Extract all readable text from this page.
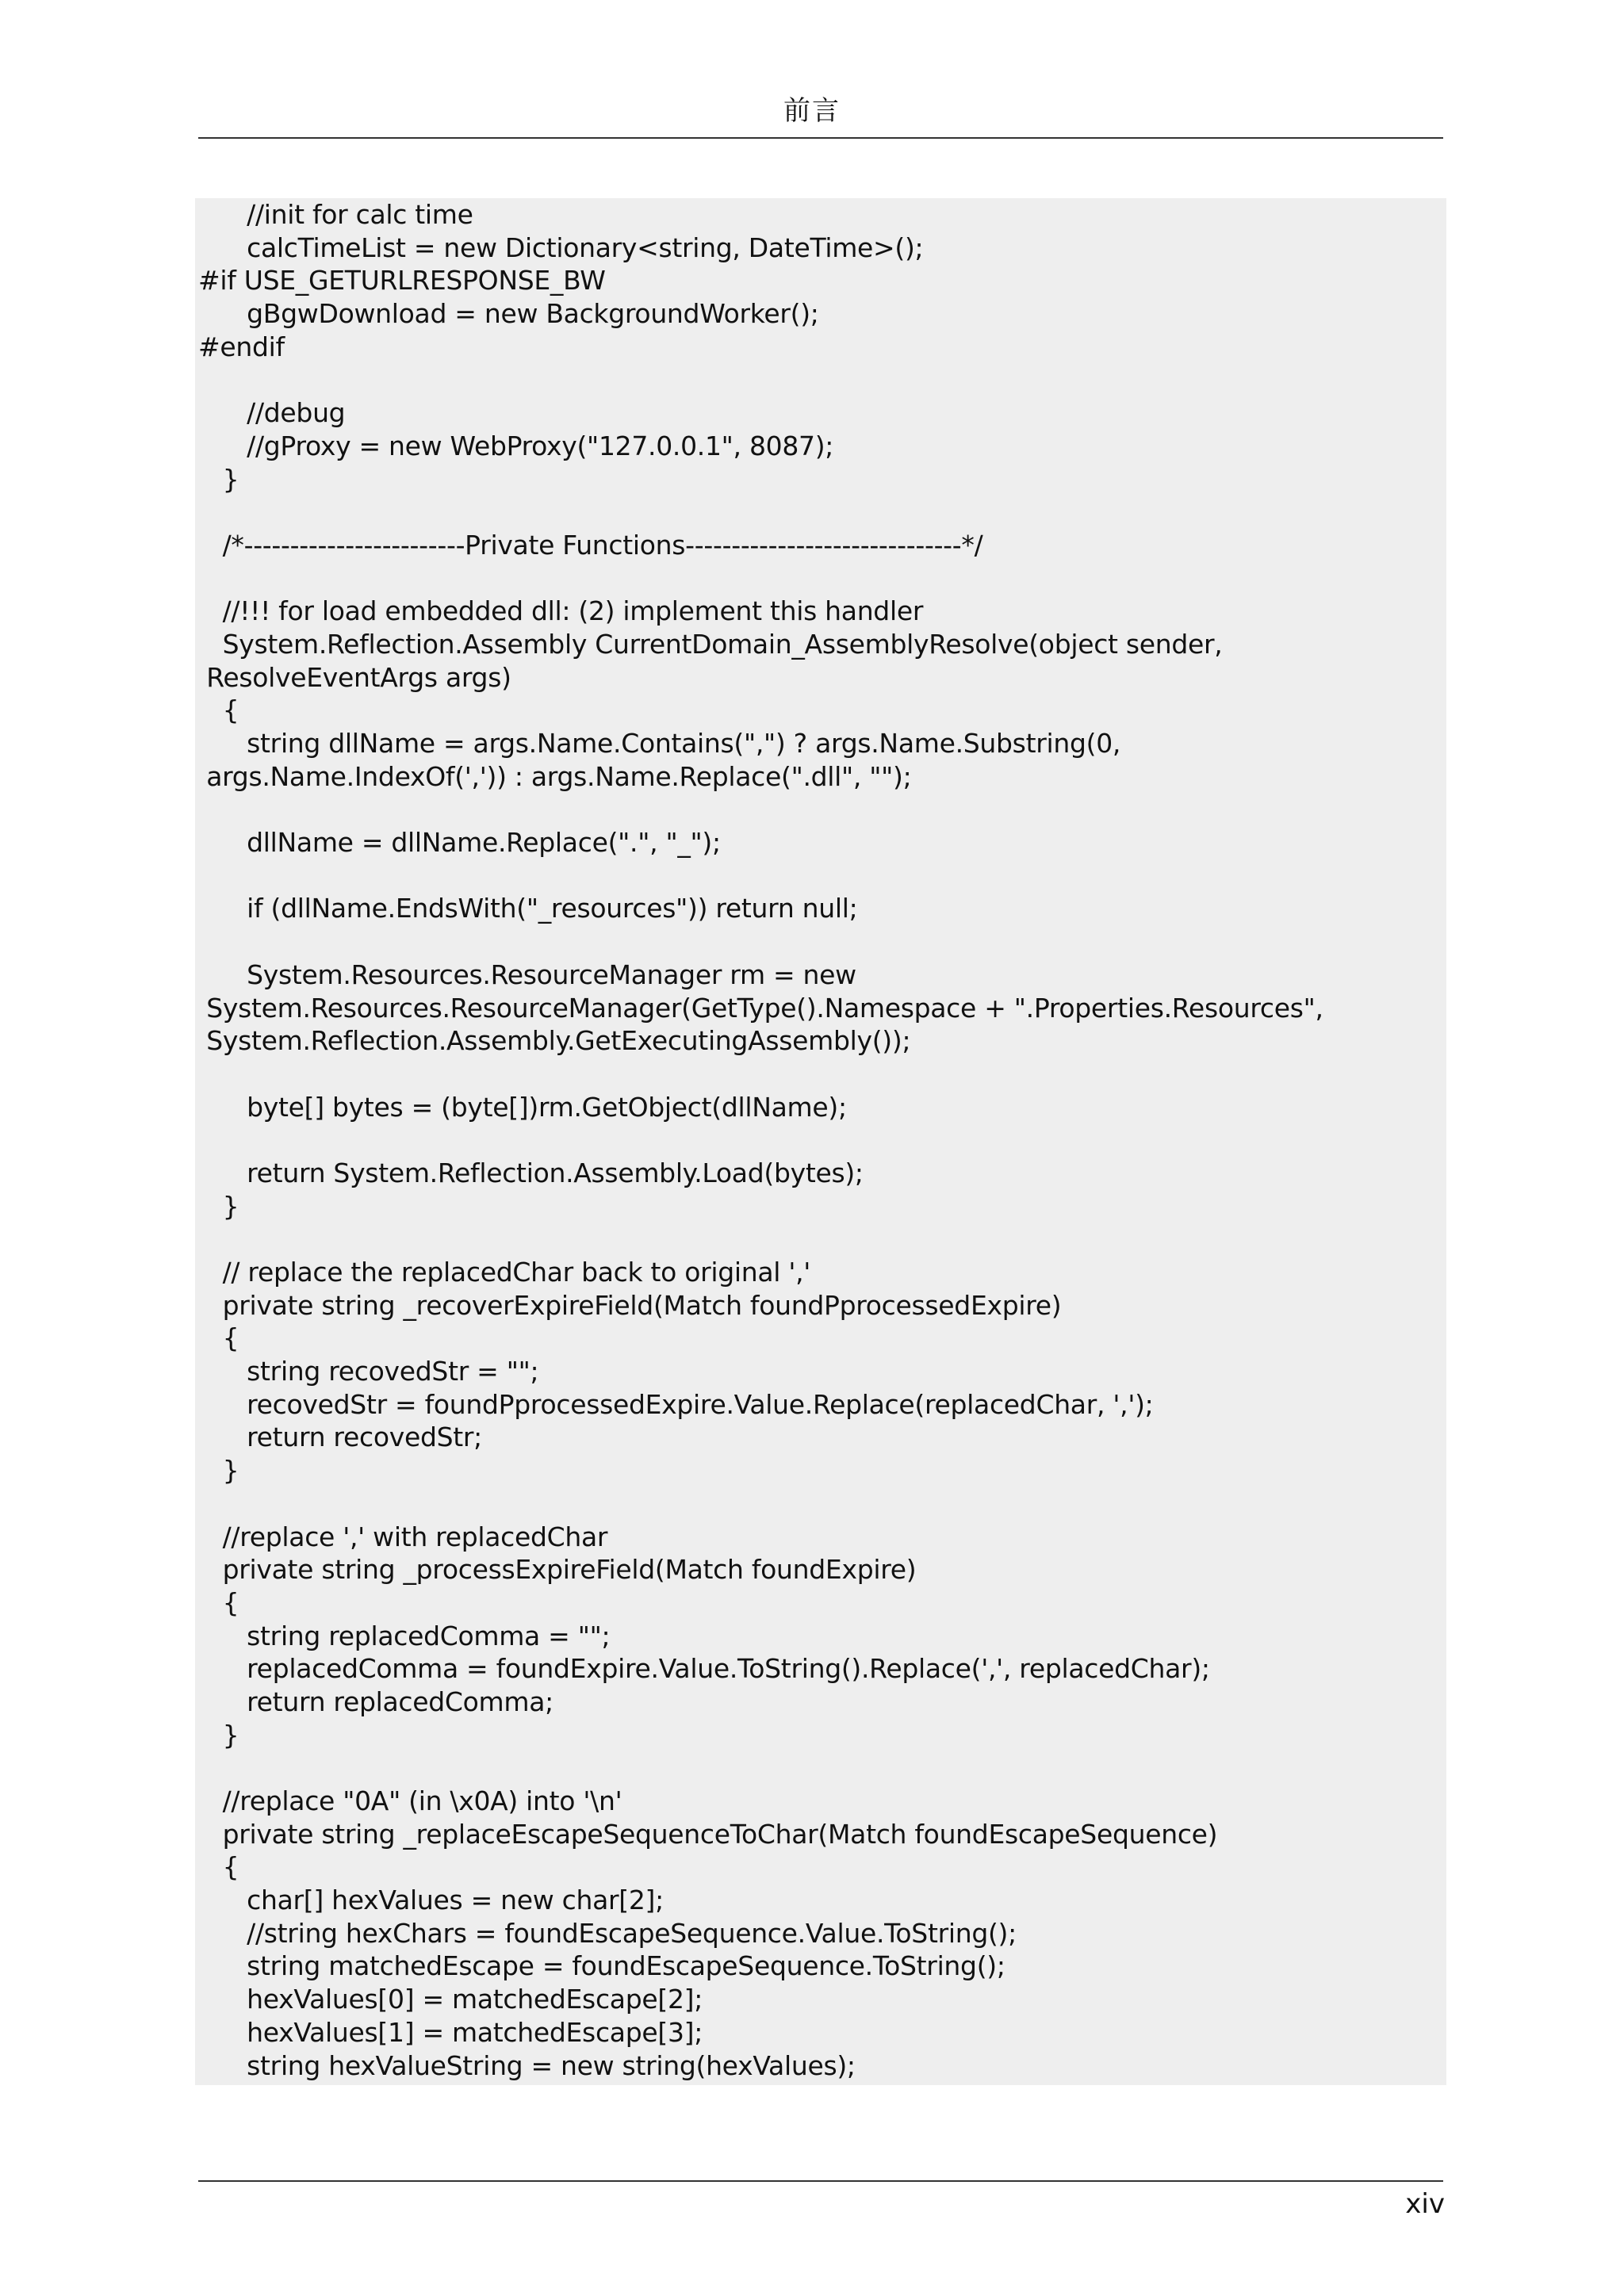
前言
//init for calc time
calcTimeList = new Dictionary<string, DateTime>();
#if USE_GETURLRESPONSE_BW
gBgwDownload = new BackgroundWorker();
#endif
//debug
//gProxy = new WebProxy("127.0.0.1", 8087);
}
/*------------------------Private Functions------------------------------*/
//!!! for load embedded dll: (2) implement this handler
System.Reflection.Assembly CurrentDomain_AssemblyResolve(object sender,
ResolveEventArgs args)
{
string dllName = args.Name.Contains(",") ? args.Name.Substring(0,
args.Name.IndexOf(',')) : args.Name.Replace(".dll", "");
dllName = dllName.Replace(".", "_");
if (dllName.EndsWith("_resources")) return null;
System.Resources.ResourceManager rm = new
System.Resources.ResourceManager(GetType().Namespace + ".Properties.Resources",
System.Reflection.Assembly.GetExecutingAssembly());
byte[] bytes = (byte[])rm.GetObject(dllName);
return System.Reflection.Assembly.Load(bytes);
}
// replace the replacedChar back to original ','
private string _recoverExpireField(Match foundPprocessedExpire)
{
string recovedStr = "";
recovedStr = foundPprocessedExpire.Value.Replace(replacedChar, ',');
return recovedStr;
}
//replace ',' with replacedChar
private string _processExpireField(Match foundExpire)
{
string replacedComma = "";
replacedComma = foundExpire.Value.ToString().Replace(',', replacedChar);
return replacedComma;
}
//replace "0A" (in \x0A) into '\n'
private string _replaceEscapeSequenceToChar(Match foundEscapeSequence)
{
char[] hexValues = new char[2];
//string hexChars = foundEscapeSequence.Value.ToString();
string matchedEscape = foundEscapeSequence.ToString();
hexValues[0] = matchedEscape[2];
hexValues[1] = matchedEscape[3];
string hexValueString = new string(hexValues);
xiv
